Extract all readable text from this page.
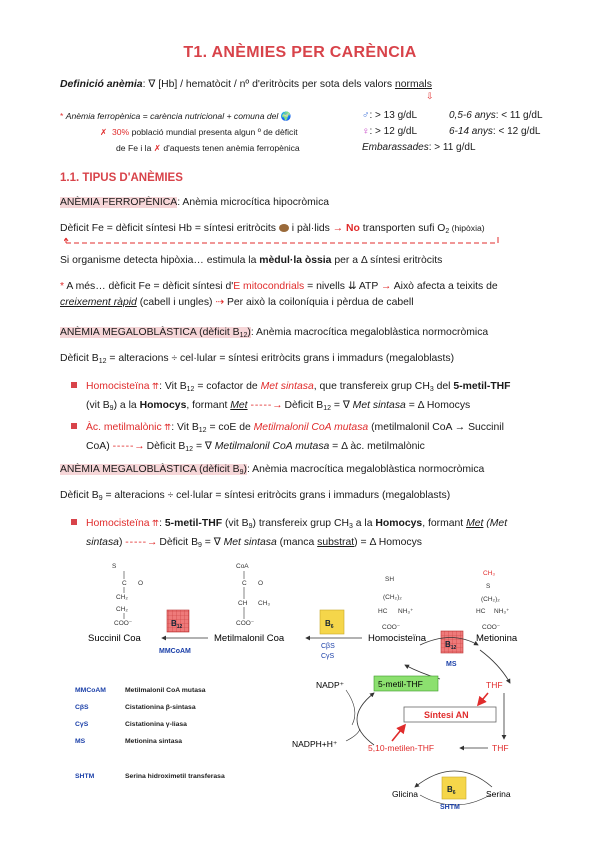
T1. ANÈMIES PER CARÈNCIA
Definició anèmia: ∇ [Hb] / hematòcit / nº d'eritròcits per sota dels valors normals
⇩
* Anèmia ferropènica = carència nutricional + comuna del 🌍
✗ 30% població mundial presenta algun º de dèficit
de Fe i la ✗ d'aquests tenen anèmia ferropènica
♂: > 13 g/dL
♀: > 12 g/dL
Embarassades: > 11 g/dL
0,5-6 anys: < 11 g/dL
6-14 anys: < 12 g/dL
1.1. TIPUS D'ANÈMIES
ANÈMIA FERROPÈNICA: Anèmia microcítica hipocròmica
Dèficit Fe = dèficit síntesi Hb = síntesi eritròcits  i pàl·lids → No transporten sufi $O_2$ (hipòxia)
Si organisme detecta hipòxia… estimula la mèdul·la òssia per a Δ síntesi eritròcits
* A més… dèficit Fe = dèficit síntesi d'E mitocondrials = nivells ⇊ ATP → Això afecta a teixits de
creixement ràpid (cabell i ungles) ⇢ Per això la coiloníquia i pèrdua de cabell
ANÈMIA MEGALOBLÀSTICA (dèficit $B_{12}$): Anèmia macrocítica megaloblàstica normocròmica
Dèficit $B_{12}$ = alteracions ÷ cel·lular = síntesi eritròcits grans i immadurs (megaloblasts)
Homocisteïna ⇈: Vit $B_{12}$ = cofactor de Met sintasa, que transfereix grup $CH_3$ del 5-metil-THF
(vit $B_9$) a la Homocys, formant Met - - - - - → Dèficit $B_{12}$ = ∇ Met sintasa = Δ Homocys
Àc. metilmalònic ⇈: Vit $B_{12}$ = coE de Metilmalonil CoA mutasa (metilmalonil CoA → Succinil
CoA) - - - - - → Dèficit $B_{12}$ = ∇ Metilmalonil CoA mutasa = Δ àc. metilmalònic
ANÈMIA MEGALOBLÀSTICA (dèficit $B_9$): Anèmia macrocítica megaloblàstica normocròmica
Dèficit $B_9$ = alteracions ÷ cel·lular = síntesi eritròcits grans i immadurs (megaloblasts)
Homocisteïna ⇈: 5-metil-THF (vit $B_9$) transfereix grup $CH_3$ a la Homocys, formant Met (Met
sintasa) - - - - - → Dèficit $B_9$ = ∇ Met sintasa (manca substrat) = Δ Homocys
S
C O
CH₂
CH₂
COO⁻
CoA
C O
CH CH₃
COO⁻
SH
(CH₂)₂
HC NH₃⁺
COO⁻
CH₃
S
(CH₂)₂
HC NH₃⁺
COO⁻
Succinil Coa	Metilmalonil Coa	Homocisteïna	Metionina
$B_{12}$
MMCoAM
$B_6$
CβS
CγS
$B_{12}$
MS
5-metil-THF
NADP⁺	THF
Síntesi AN
NADPH+H⁺	5,10-metilen-THF	THF
$B_6$
SHTM
Glicina	Serina
MMCoAM	Metilmalonil CoA mutasa
CβS	Cistationina β-sintasa
CγS	Cistationina γ-liasa
MS	Metionina sintasa
SHTM	Serina hidroximetil transferasa
